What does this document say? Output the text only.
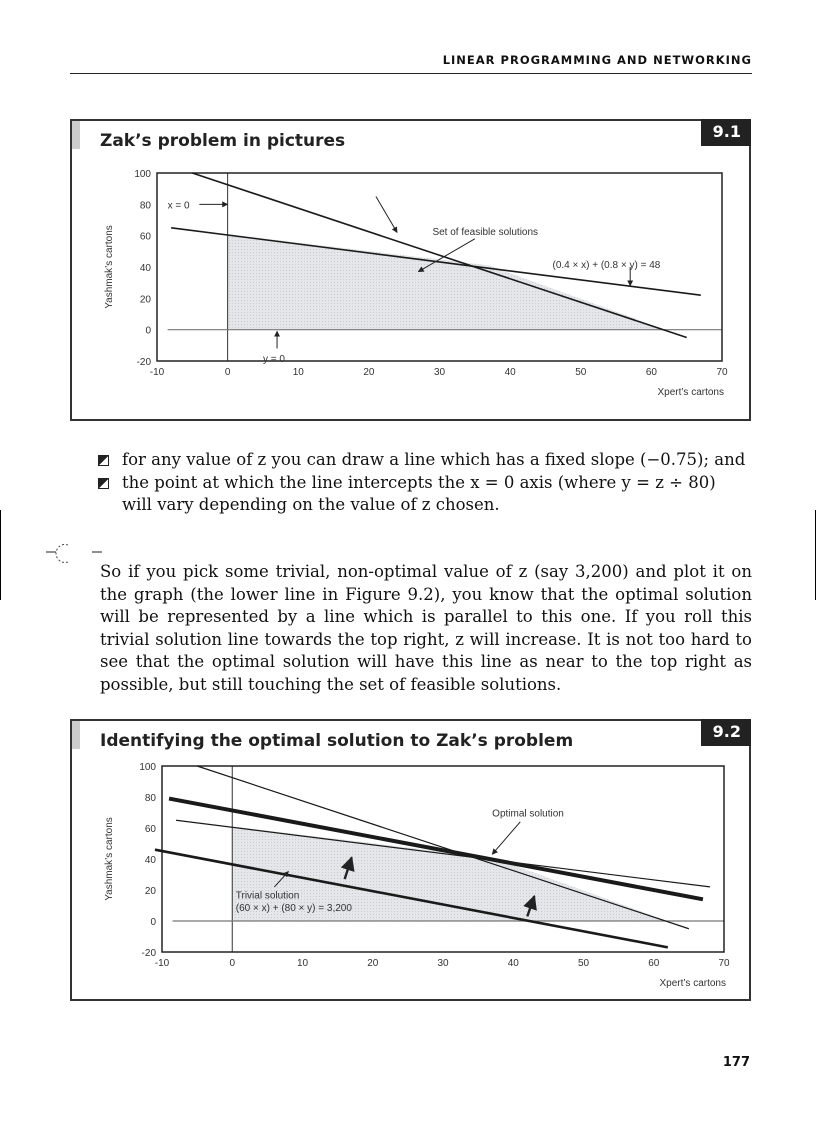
LINEAR PROGRAMMING AND NETWORKING
Zak’s problem in pictures	9.1
-10	0	10	20	30	40	50	60	70
100
80
60
40
20
0
-20
Xpert’s cartons
Yashmak’s cartons
x = 0
Set of feasible solutions
(0.4 × x) + (0.8 × y) = 48
y = 0
for any value of z you can draw a line which has a fixed slope (−0.75); and
the point at which the line intercepts the x = 0 axis (where y = z ÷ 80) will vary depending on the value of z chosen.
So if you pick some trivial, non-optimal value of z (say 3,200) and plot it on the graph (the lower line in Figure 9.2), you know that the optimal solution will be represented by a line which is parallel to this one. If you roll this trivial solution line towards the top right, z will increase. It is not too hard to see that the optimal solution will have this line as near to the top right as possible, but still touching the set of feasible solutions.
Identifying the optimal solution to Zak’s problem	9.2
-10	0	10	20	30	40	50	60	70
100
80
60
40
20
0
-20
Xpert’s cartons
Yashmak’s cartons
Optimal solution
Trivial solution
(60 × x) + (80 × y) = 3,200
177
